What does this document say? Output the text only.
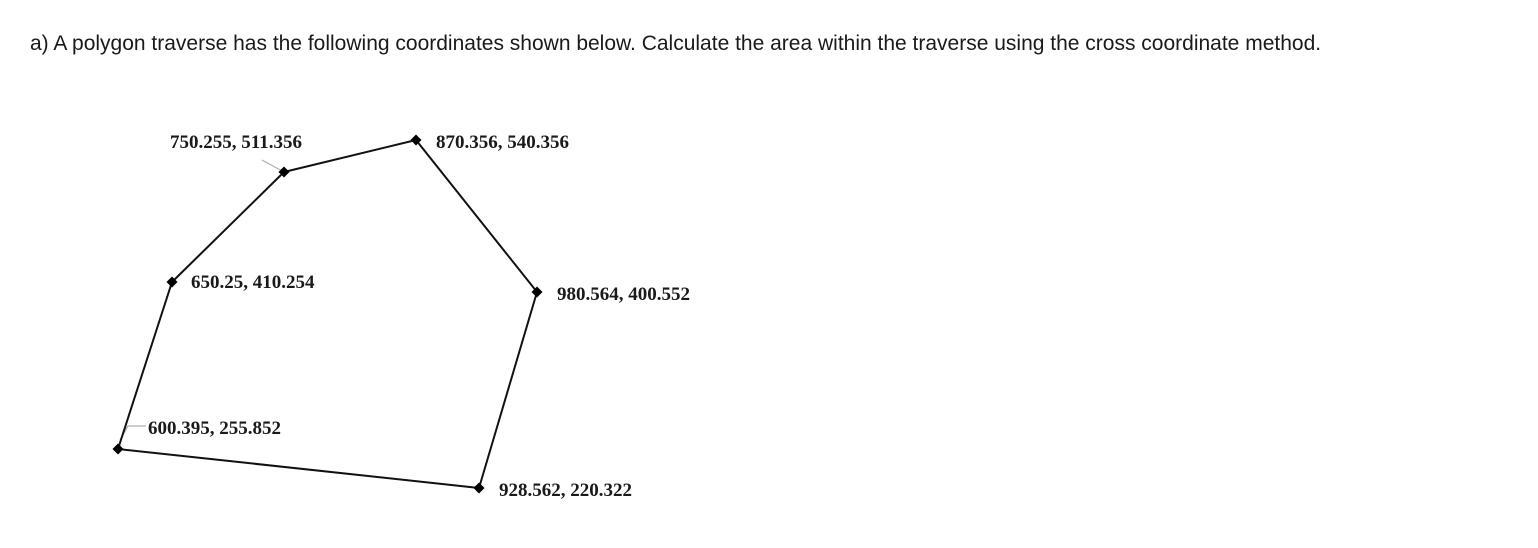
a) A polygon traverse has the following coordinates shown below. Calculate the area within the traverse using the cross coordinate method.

750.255, 511.356	870.356, 540.356
980.564, 400.552
928.562, 220.322
600.395, 255.852
650.25, 410.254
